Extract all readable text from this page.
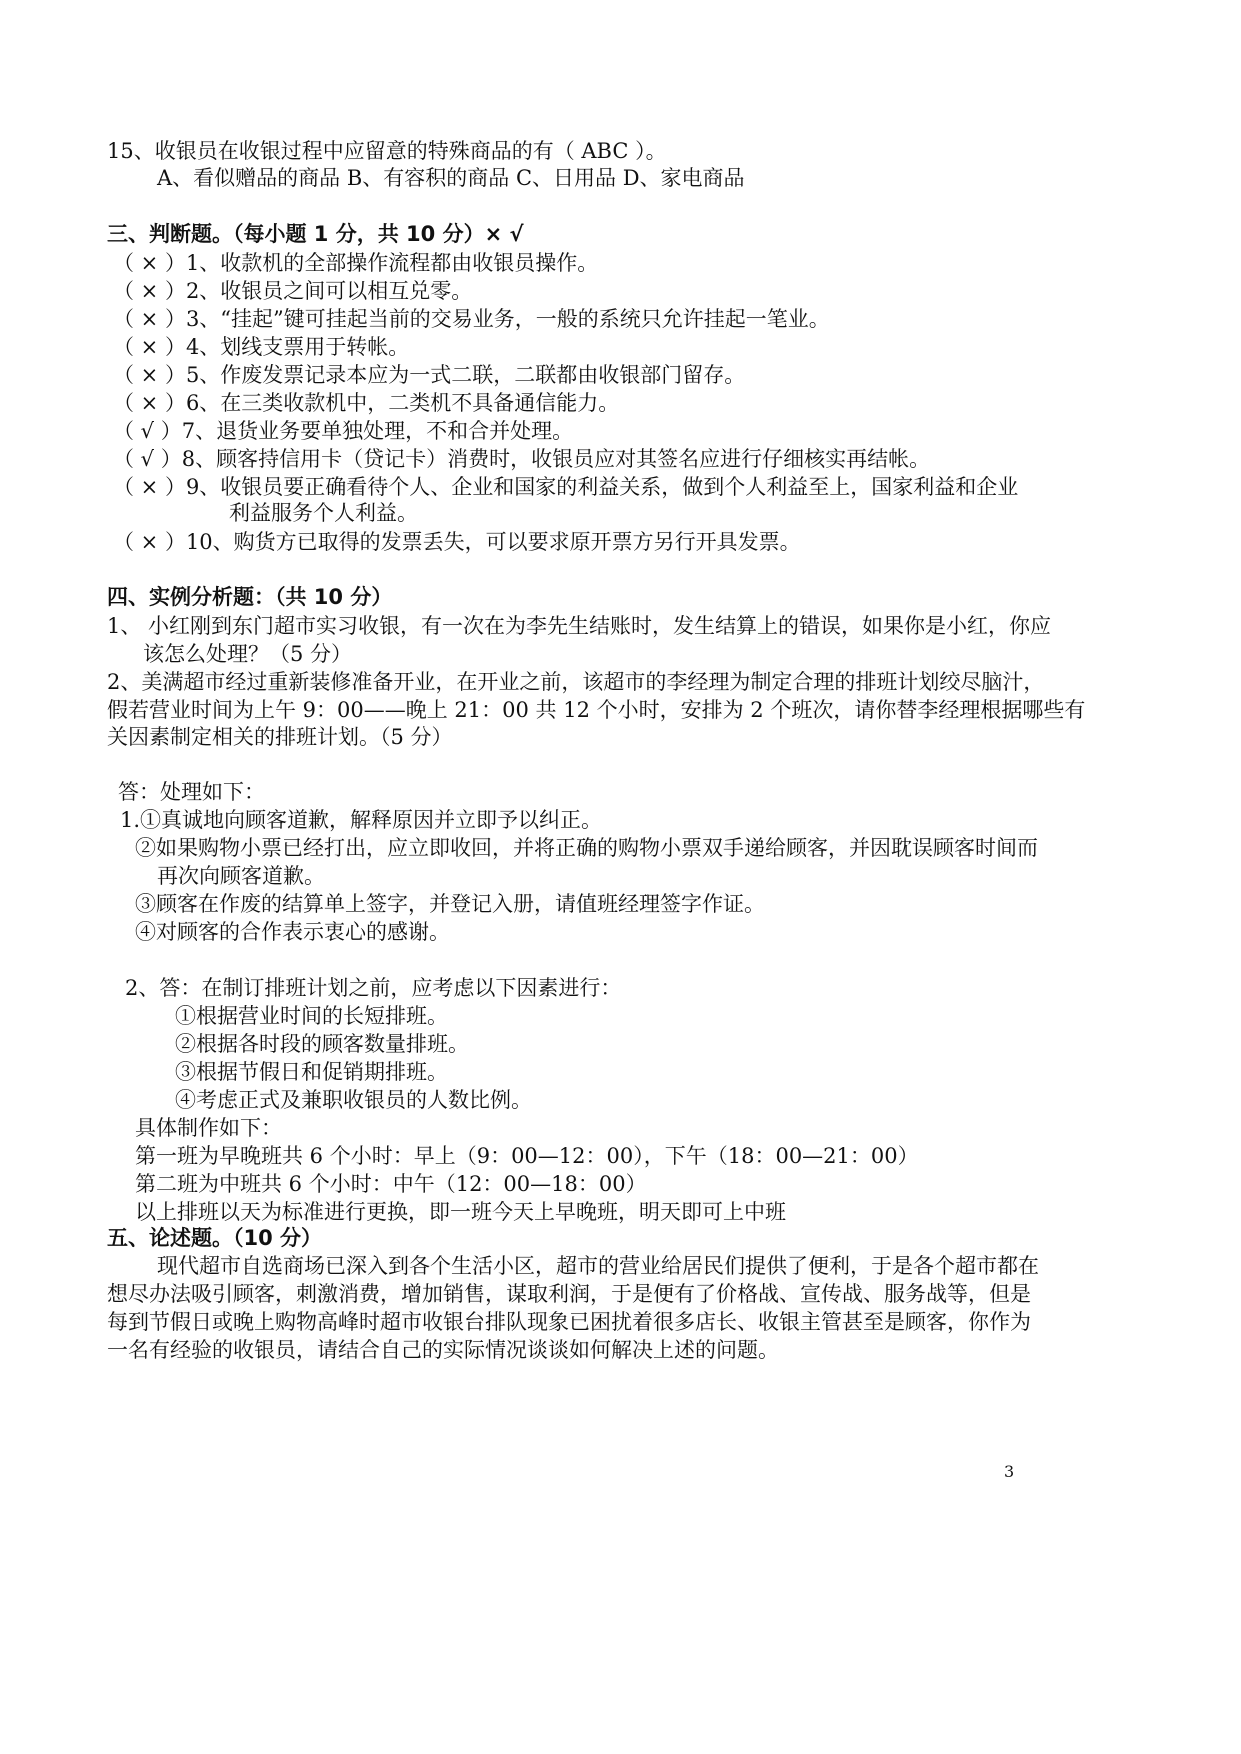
15、收银员在收银过程中应留意的特殊商品的有（ ABC ）。
A、看似赠品的商品 B、有容积的商品 C、日用品 D、家电商品
三、判断题。（每小题 1 分，共 10 分）× √
（ × ）1、收款机的全部操作流程都由收银员操作。
（ × ）2、收银员之间可以相互兑零。
（ × ）3、“挂起”键可挂起当前的交易业务，一般的系统只允许挂起一笔业。
（ × ）4、划线支票用于转帐。
（ × ）5、作废发票记录本应为一式二联，二联都由收银部门留存。
（ × ）6、在三类收款机中，二类机不具备通信能力。
（ √ ）7、退货业务要单独处理，不和合并处理。
（ √ ）8、顾客持信用卡（贷记卡）消费时，收银员应对其签名应进行仔细核实再结帐。
（ × ）9、收银员要正确看待个人、企业和国家的利益关系，做到个人利益至上，国家利益和企业
利益服务个人利益。
（ × ）10、购货方已取得的发票丢失，可以要求原开票方另行开具发票。
四、实例分析题：（共 10 分）
1、 小红刚到东门超市实习收银，有一次在为李先生结账时，发生结算上的错误，如果你是小红，你应
该怎么处理？（5 分）
2、美满超市经过重新装修准备开业，在开业之前，该超市的李经理为制定合理的排班计划绞尽脑汁，
假若营业时间为上午 9：00——晚上 21：00 共 12 个小时，安排为 2 个班次，请你替李经理根据哪些有
关因素制定相关的排班计划。（5 分）
答：处理如下：
1.①真诚地向顾客道歉，解释原因并立即予以纠正。
②如果购物小票已经打出，应立即收回，并将正确的购物小票双手递给顾客，并因耽误顾客时间而
再次向顾客道歉。
③顾客在作废的结算单上签字，并登记入册，请值班经理签字作证。
④对顾客的合作表示衷心的感谢。
2、答：在制订排班计划之前，应考虑以下因素进行：
①根据营业时间的长短排班。
②根据各时段的顾客数量排班。
③根据节假日和促销期排班。
④考虑正式及兼职收银员的人数比例。
具体制作如下：
第一班为早晚班共 6 个小时：早上（9：00—12：00），下午（18：00—21：00）
第二班为中班共 6 个小时：中午（12：00—18：00）
以上排班以天为标准进行更换，即一班今天上早晚班，明天即可上中班
五、论述题。（10 分）
现代超市自选商场已深入到各个生活小区，超市的营业给居民们提供了便利，于是各个超市都在
想尽办法吸引顾客，刺激消费，增加销售，谋取利润，于是便有了价格战、宣传战、服务战等，但是
每到节假日或晚上购物高峰时超市收银台排队现象已困扰着很多店长、收银主管甚至是顾客，你作为
一名有经验的收银员，请结合自己的实际情况谈谈如何解决上述的问题。
3
